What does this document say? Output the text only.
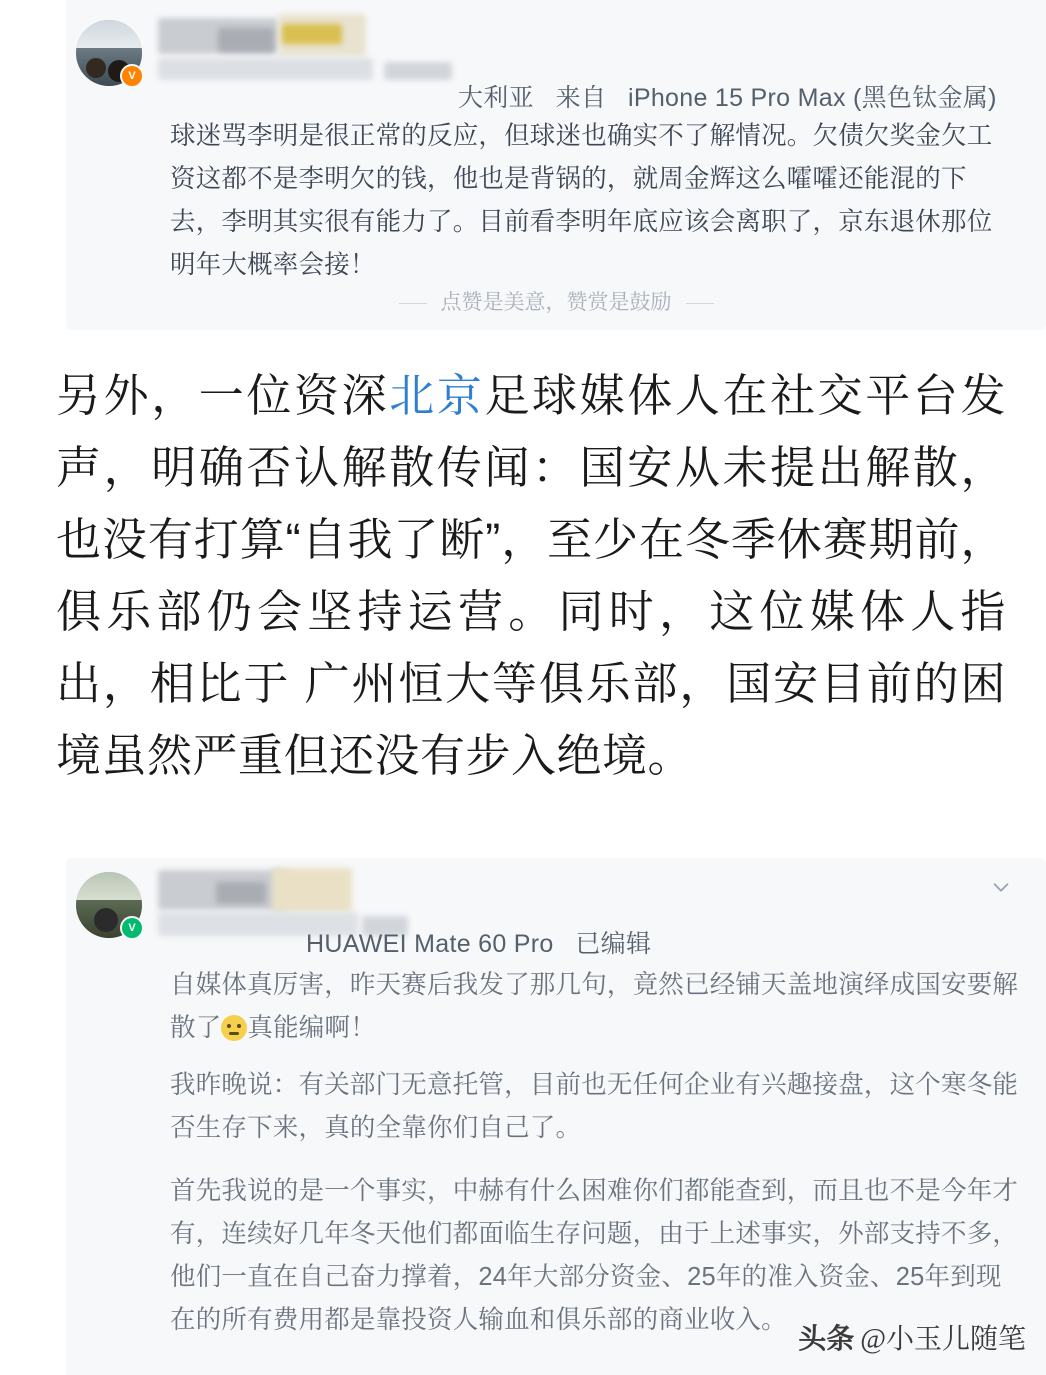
V
大利亚 来自 iPhone 15 Pro Max (黑色钛金属)
球迷骂李明是很正常的反应，但球迷也确实不了解情况。欠债欠奖金欠工资这都不是李明欠的钱，他也是背锅的，就周金辉这么嚯嚯还能混的下去，李明其实很有能力了。目前看李明年底应该会离职了，京东退休那位明年大概率会接！
点赞是美意，赞赏是鼓励
另外，一位资深北京足球媒体人在社交平台发声，明确否认解散传闻：国安从未提出解散，也没有打算“自我了断”，至少在冬季休赛期前，俱乐部仍会坚持运营。同时，这位媒体人指出，相比于 广州恒大等俱乐部，国安目前的困境虽然严重但还没有步入绝境。
V
HUAWEI Mate 60 Pro 已编辑
自媒体真厉害，昨天赛后我发了那几句，竟然已经铺天盖地演绎成国安要解散了 真能编啊！
我昨晚说：有关部门无意托管，目前也无任何企业有兴趣接盘，这个寒冬能否生存下来，真的全靠你们自己了。
首先我说的是一个事实，中赫有什么困难你们都能查到，而且也不是今年才有，连续好几年冬天他们都面临生存问题，由于上述事实，外部支持不多，他们一直在自己奋力撑着，24年大部分资金、25年的准入资金、25年到现在的所有费用都是靠投资人输血和俱乐部的商业收入。
头条 @小玉儿随笔
